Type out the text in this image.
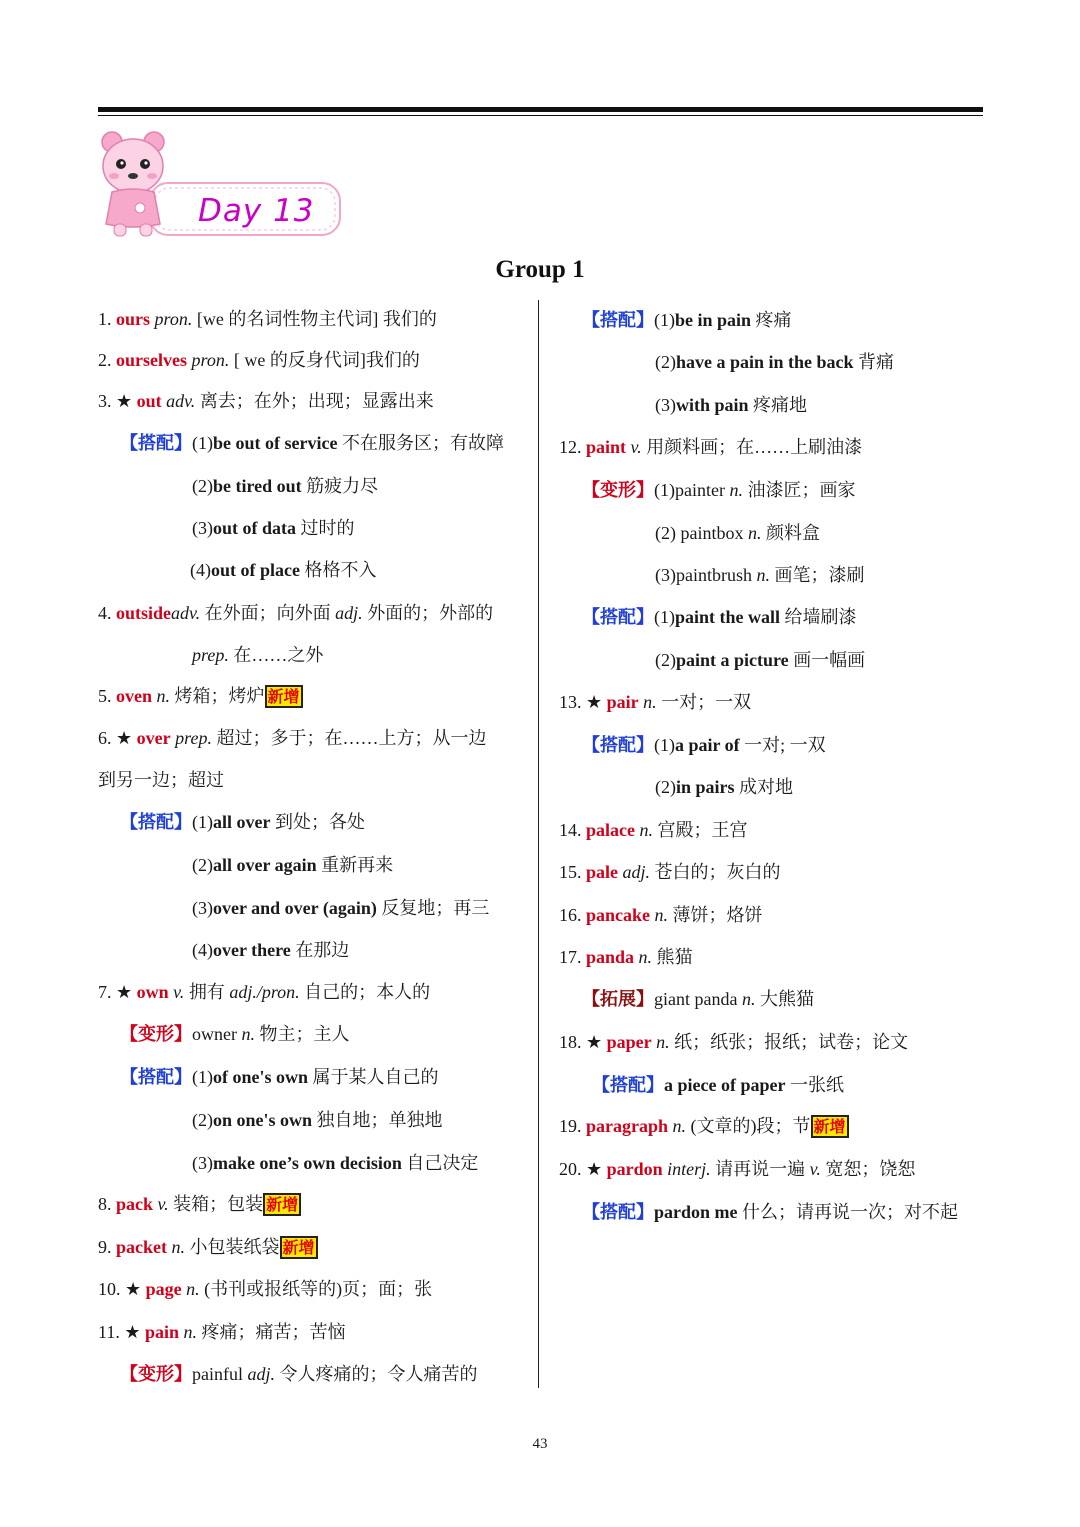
Day 13
Group 1
1. ours pron. [we 的名词性物主代词] 我们的
2. ourselves pron. [ we 的反身代词]我们的
3. ★ out adv. 离去；在外；出现；显露出来
【搭配】(1)be out of service 不在服务区；有故障
(2)be tired out 筋疲力尽
(3)out of data 过时的
(4)out of place 格格不入
4. outsideadv. 在外面；向外面 adj. 外面的；外部的
prep. 在……之外
5. oven n. 烤箱；烤炉 新增
6. ★ over prep. 超过；多于；在……上方；从一边
到另一边；超过
【搭配】(1)all over 到处；各处
(2)all over again 重新再来
(3)over and over (again) 反复地；再三
(4)over there 在那边
7. ★ own v. 拥有 adj./pron. 自己的；本人的
【变形】owner n. 物主；主人
【搭配】(1)of one's own 属于某人自己的
(2)on one's own 独自地；单独地
(3)make one’s own decision 自己决定
8. pack v. 装箱；包装 新增
9. packet n. 小包装纸袋 新增
10. ★ page n. (书刊或报纸等的)页；面；张
11. ★ pain n. 疼痛；痛苦；苦恼
【变形】painful adj. 令人疼痛的；令人痛苦的
【搭配】(1)be in pain 疼痛
(2)have a pain in the back 背痛
(3)with pain 疼痛地
12. paint v. 用颜料画；在……上刷油漆
【变形】(1)painter n. 油漆匠；画家
(2) paintbox n. 颜料盒
(3)paintbrush n. 画笔；漆刷
【搭配】(1)paint the wall 给墙刷漆
(2)paint a picture 画一幅画
13. ★ pair n. 一对；一双
【搭配】(1)a pair of 一对; 一双
(2)in pairs 成对地
14. palace n. 宫殿；王宫
15. pale adj. 苍白的；灰白的
16. pancake n. 薄饼；烙饼
17. panda n. 熊猫
【拓展】giant panda n. 大熊猫
18. ★ paper n. 纸；纸张；报纸；试卷；论文
【搭配】a piece of paper 一张纸
19. paragraph n. (文章的)段；节 新增
20. ★ pardon interj. 请再说一遍 v. 宽恕；饶恕
【搭配】pardon me 什么；请再说一次；对不起
43
